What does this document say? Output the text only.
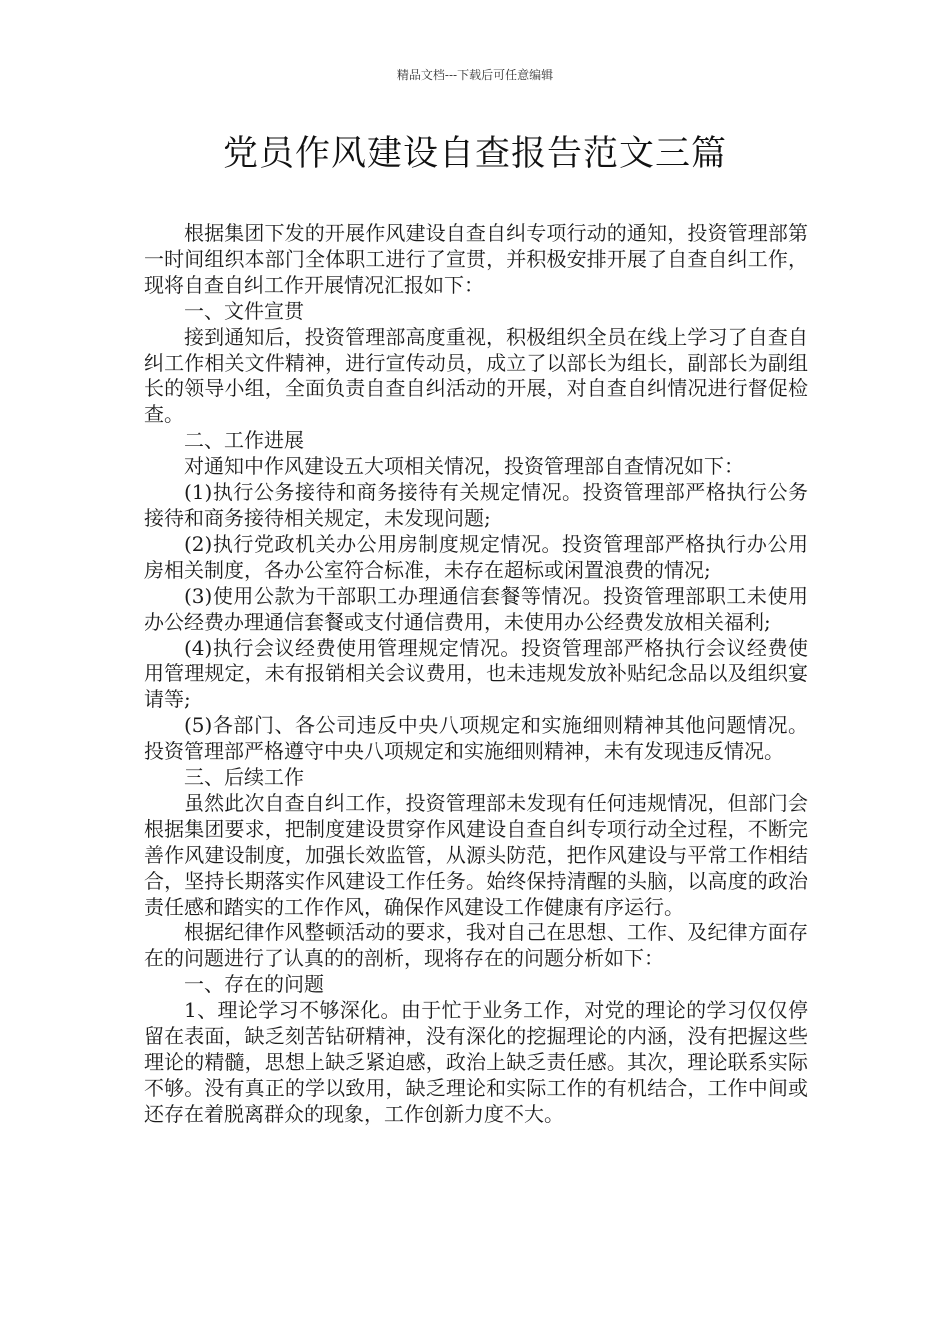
精品文档---下载后可任意编辑
党员作风建设自查报告范文三篇

根据集团下发的开展作风建设自查自纠专项行动的通知，投资管理部第一时间组织本部门全体职工进行了宣贯，并积极安排开展了自查自纠工作，现将自查自纠工作开展情况汇报如下：

一、文件宣贯

接到通知后，投资管理部高度重视，积极组织全员在线上学习了自查自纠工作相关文件精神，进行宣传动员，成立了以部长为组长，副部长为副组长的领导小组，全面负责自查自纠活动的开展，对自查自纠情况进行督促检查。

二、工作进展

对通知中作风建设五大项相关情况，投资管理部自查情况如下：

(1)执行公务接待和商务接待有关规定情况。投资管理部严格执行公务接待和商务接待相关规定，未发现问题;

(2)执行党政机关办公用房制度规定情况。投资管理部严格执行办公用房相关制度，各办公室符合标准，未存在超标或闲置浪费的情况;

(3)使用公款为干部职工办理通信套餐等情况。投资管理部职工未使用办公经费办理通信套餐或支付通信费用，未使用办公经费发放相关福利;

(4)执行会议经费使用管理规定情况。投资管理部严格执行会议经费使用管理规定，未有报销相关会议费用，也未违规发放补贴纪念品以及组织宴请等;

(5)各部门、各公司违反中央八项规定和实施细则精神其他问题情况。投资管理部严格遵守中央八项规定和实施细则精神，未有发现违反情况。

三、后续工作

虽然此次自查自纠工作，投资管理部未发现有任何违规情况，但部门会根据集团要求，把制度建设贯穿作风建设自查自纠专项行动全过程，不断完善作风建设制度，加强长效监管，从源头防范，把作风建设与平常工作相结合，坚持长期落实作风建设工作任务。始终保持清醒的头脑，以高度的政治责任感和踏实的工作作风，确保作风建设工作健康有序运行。

根据纪律作风整顿活动的要求，我对自己在思想、工作、及纪律方面存在的问题进行了认真的的剖析，现将存在的问题分析如下：

一、存在的问题

1、理论学习不够深化。由于忙于业务工作，对党的理论的学习仅仅停留在表面，缺乏刻苦钻研精神，没有深化的挖掘理论的内涵，没有把握这些理论的精髓，思想上缺乏紧迫感，政治上缺乏责任感。其次，理论联系实际不够。没有真正的学以致用，缺乏理论和实际工作的有机结合，工作中间或还存在着脱离群众的现象，工作创新力度不大。
